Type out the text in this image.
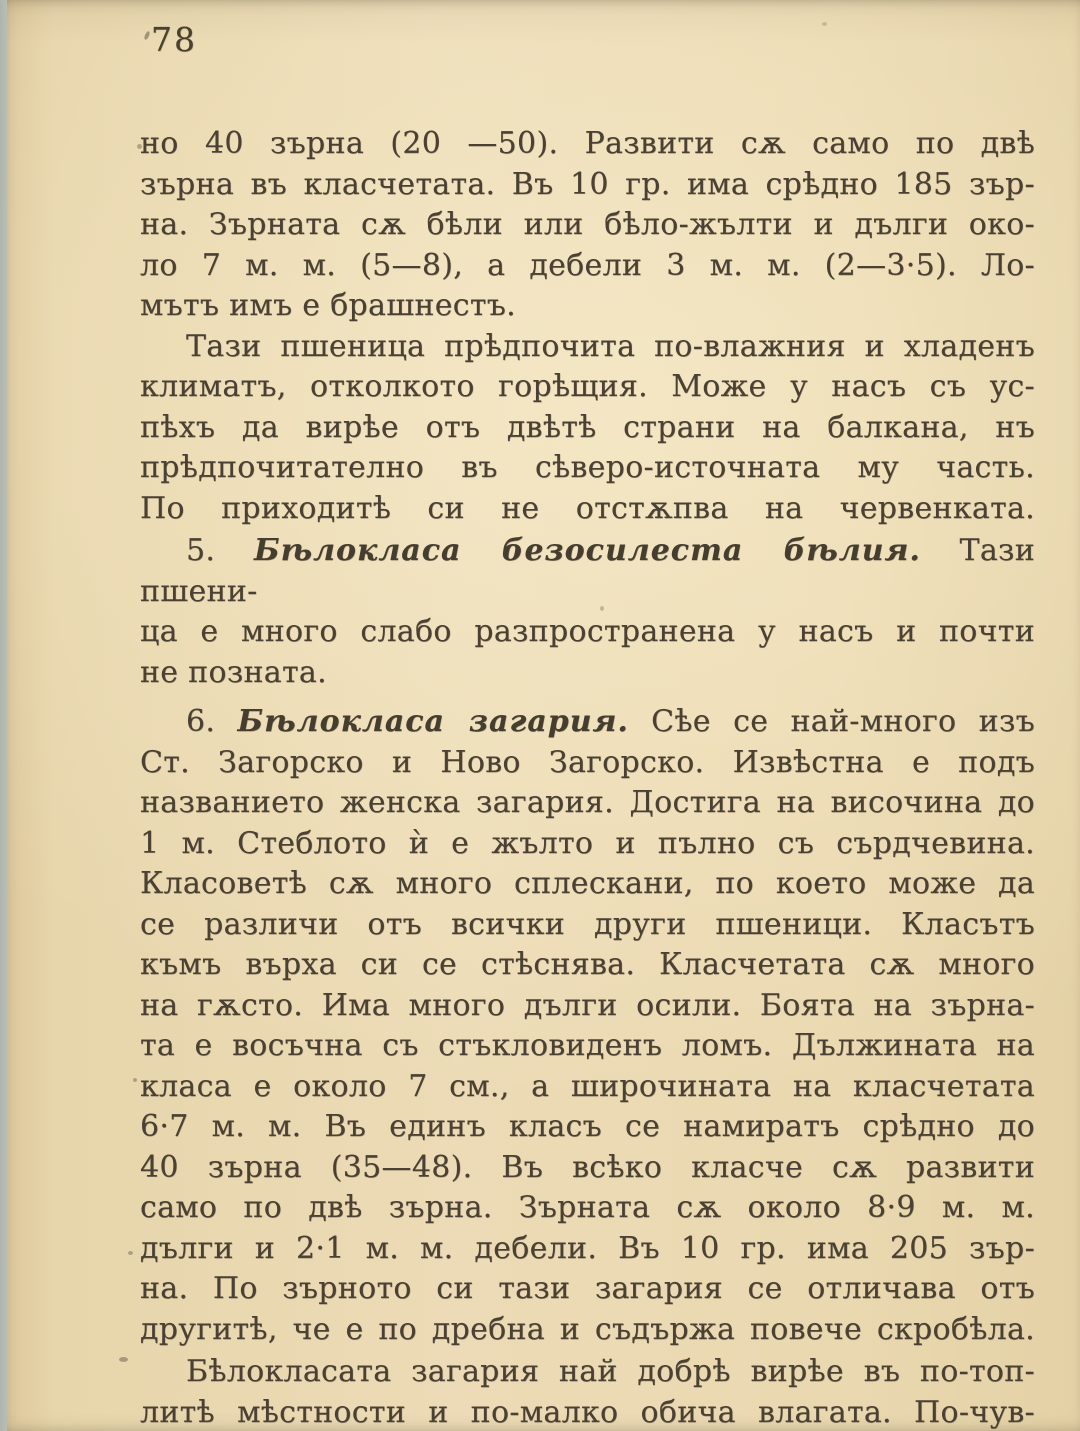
78
но 40 зърна (20 —50). Развити сѫ само по двѣ
зърна въ класчетата. Въ 10 гр. има срѣдно 185 зър-
на. Зърната сѫ бѣли или бѣло-жълти и дълги око-
ло 7 м. м. (5—8), а дебели 3 м. м. (2—3·5). Ло-
мътъ имъ е брашнестъ.
Тази пшеница прѣдпочита по-влажния и хладенъ
климатъ, отколкото горѣщия. Може у насъ съ ус-
пѣхъ да вирѣе отъ двѣтѣ страни на балкана, нъ
прѣдпочитателно въ сѣверо-источната му часть.
По приходитѣ си не отстѫпва на червенката.
5. Бѣлокласа безосилеста бѣлия. Тази пшени-
ца е много слабо разпространена у насъ и почти
не позната.
6. Бѣлокласа загария. Сѣе се най-много изъ
Ст. Загорско и Ново Загорско. Извѣстна е подъ
названието женска загария. Достига на височина до
1 м. Стеблото ѝ е жълто и пълно съ сърдчевина.
Класоветѣ сѫ много сплескани, по което може да
се различи отъ всички други пшеници. Класътъ
къмъ върха си се стѣснява. Класчетата сѫ много
на гѫсто. Има много дълги осили. Боята на зърна-
та е восъчна съ стъкловиденъ ломъ. Дължината на
класа е около 7 см., а широчината на класчетата
6·7 м. м. Въ единъ класъ се намиратъ срѣдно до
40 зърна (35—48). Въ всѣко класче сѫ развити
само по двѣ зърна. Зърната сѫ около 8·9 м. м.
дълги и 2·1 м. м. дебели. Въ 10 гр. има 205 зър-
на. По зърното си тази загария се отличава отъ
другитѣ, че е по дребна и съдържа повече скробѣла.
Бѣлокласата загария най добрѣ вирѣе въ по-топ-
литѣ мѣстности и по-малко обича влагата. По-чув-
